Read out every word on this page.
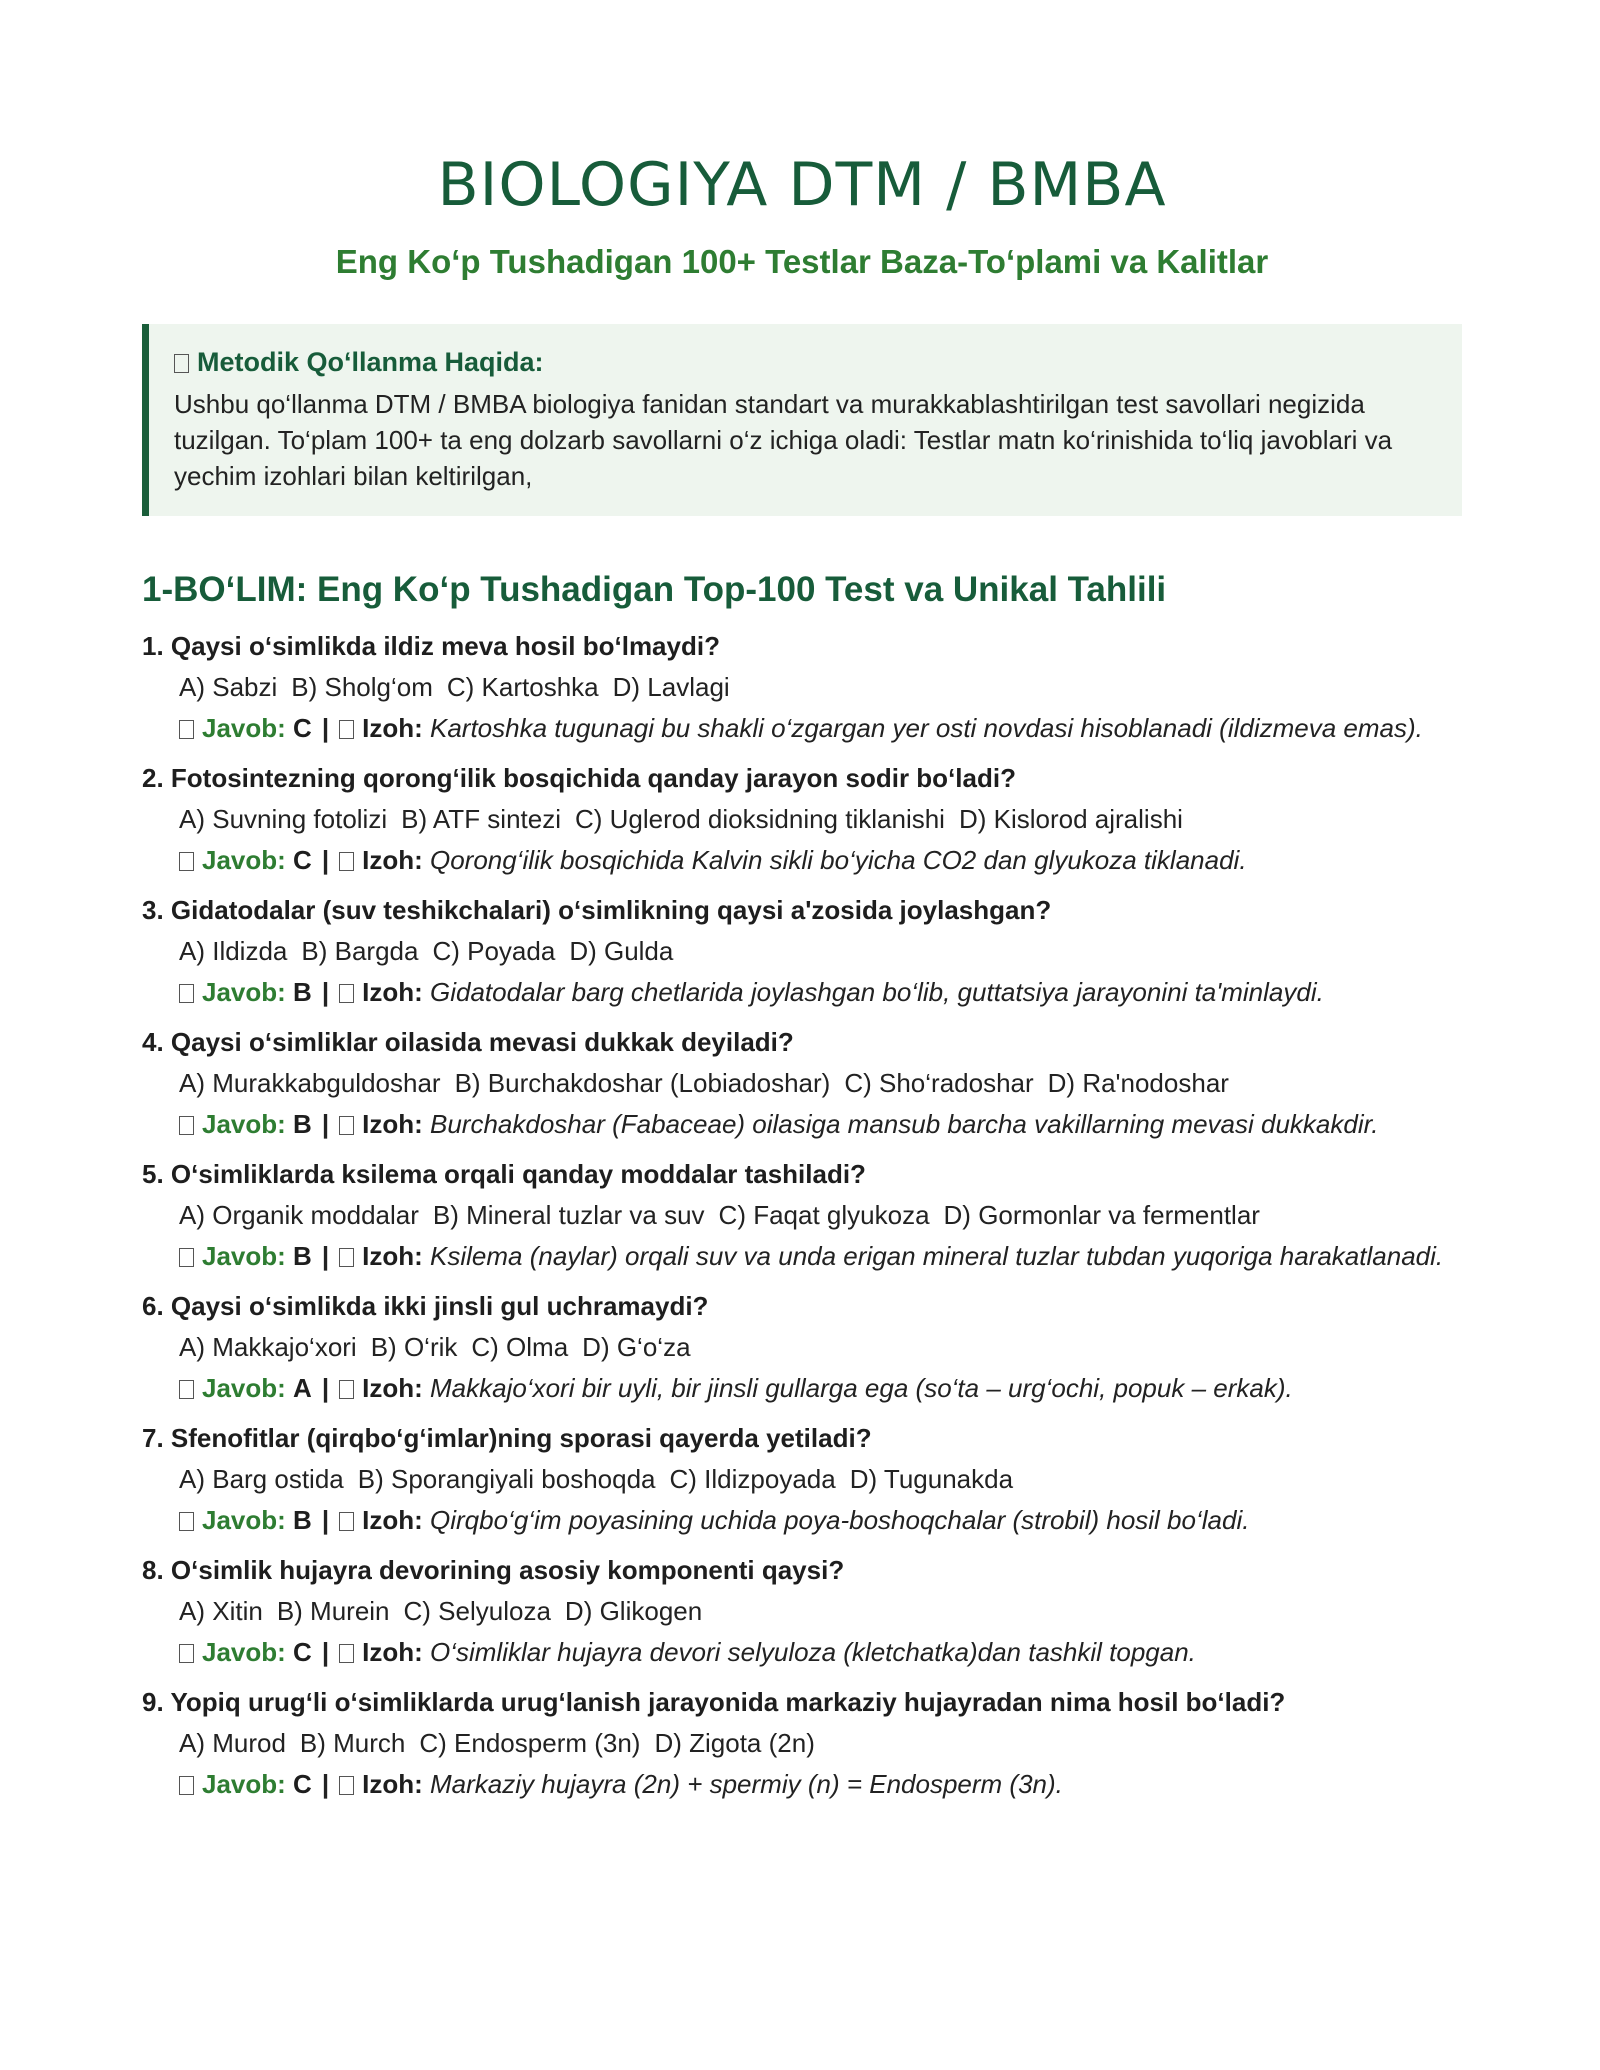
BIOLOGIYA DTM / BMBA
Eng Ko‘p Tushadigan 100+ Testlar Baza-To‘plami va Kalitlar
Metodik Qo‘llanma Haqida:
Ushbu qo‘llanma DTM / BMBA biologiya fanidan standart va murakkablashtirilgan test savollari negizida tuzilgan. To‘plam 100+ ta eng dolzarb savollarni o‘z ichiga oladi: Testlar matn ko‘rinishida to‘liq javoblari va yechim izohlari bilan keltirilgan,
1-BO‘LIM: Eng Ko‘p Tushadigan Top-100 Test va Unikal Tahlili
1. Qaysi o‘simlikda ildiz meva hosil bo‘lmaydi?
A) Sabzi B) Sholg‘om C) Kartoshka D) Lavlagi
Javob: C | Izoh: Kartoshka tugunagi bu shakli o‘zgargan yer osti novdasi hisoblanadi (ildizmeva emas).
2. Fotosintezning qorong‘ilik bosqichida qanday jarayon sodir bo‘ladi?
A) Suvning fotolizi B) ATF sintezi C) Uglerod dioksidning tiklanishi D) Kislorod ajralishi
Javob: C | Izoh: Qorong‘ilik bosqichida Kalvin sikli bo‘yicha CO2 dan glyukoza tiklanadi.
3. Gidatodalar (suv teshikchalari) o‘simlikning qaysi a'zosida joylashgan?
A) Ildizda B) Bargda C) Poyada D) Gulda
Javob: B | Izoh: Gidatodalar barg chetlarida joylashgan bo‘lib, guttatsiya jarayonini ta'minlaydi.
4. Qaysi o‘simliklar oilasida mevasi dukkak deyiladi?
A) Murakkabguldoshar B) Burchakdoshar (Lobiadoshar) C) Sho‘radoshar D) Ra'nodoshar
Javob: B | Izoh: Burchakdoshar (Fabaceae) oilasiga mansub barcha vakillarning mevasi dukkakdir.
5. O‘simliklarda ksilema orqali qanday moddalar tashiladi?
A) Organik moddalar B) Mineral tuzlar va suv C) Faqat glyukoza D) Gormonlar va fermentlar
Javob: B | Izoh: Ksilema (naylar) orqali suv va unda erigan mineral tuzlar tubdan yuqoriga harakatlanadi.
6. Qaysi o‘simlikda ikki jinsli gul uchramaydi?
A) Makkajo‘xori B) O‘rik C) Olma D) G‘o‘za
Javob: A | Izoh: Makkajo‘xori bir uyli, bir jinsli gullarga ega (so‘ta – urg‘ochi, popuk – erkak).
7. Sfenofitlar (qirqbo‘g‘imlar)ning sporasi qayerda yetiladi?
A) Barg ostida B) Sporangiyali boshoqda C) Ildizpoyada D) Tugunakda
Javob: B | Izoh: Qirqbo‘g‘im poyasining uchida poya-boshoqchalar (strobil) hosil bo‘ladi.
8. O‘simlik hujayra devorining asosiy komponenti qaysi?
A) Xitin B) Murein C) Selyuloza D) Glikogen
Javob: C | Izoh: O‘simliklar hujayra devori selyuloza (kletchatka)dan tashkil topgan.
9. Yopiq urug‘li o‘simliklarda urug‘lanish jarayonida markaziy hujayradan nima hosil bo‘ladi?
A) Murod B) Murch C) Endosperm (3n) D) Zigota (2n)
Javob: C | Izoh: Markaziy hujayra (2n) + spermiy (n) = Endosperm (3n).
